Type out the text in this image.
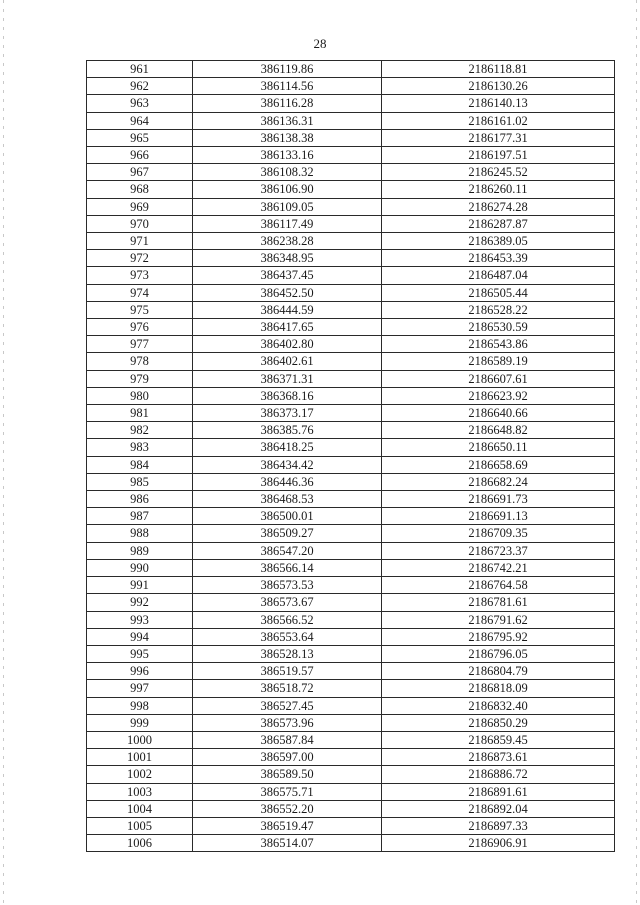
28
961	386119.86	2186118.81
962	386114.56	2186130.26
963	386116.28	2186140.13
964	386136.31	2186161.02
965	386138.38	2186177.31
966	386133.16	2186197.51
967	386108.32	2186245.52
968	386106.90	2186260.11
969	386109.05	2186274.28
970	386117.49	2186287.87
971	386238.28	2186389.05
972	386348.95	2186453.39
973	386437.45	2186487.04
974	386452.50	2186505.44
975	386444.59	2186528.22
976	386417.65	2186530.59
977	386402.80	2186543.86
978	386402.61	2186589.19
979	386371.31	2186607.61
980	386368.16	2186623.92
981	386373.17	2186640.66
982	386385.76	2186648.82
983	386418.25	2186650.11
984	386434.42	2186658.69
985	386446.36	2186682.24
986	386468.53	2186691.73
987	386500.01	2186691.13
988	386509.27	2186709.35
989	386547.20	2186723.37
990	386566.14	2186742.21
991	386573.53	2186764.58
992	386573.67	2186781.61
993	386566.52	2186791.62
994	386553.64	2186795.92
995	386528.13	2186796.05
996	386519.57	2186804.79
997	386518.72	2186818.09
998	386527.45	2186832.40
999	386573.96	2186850.29
1000	386587.84	2186859.45
1001	386597.00	2186873.61
1002	386589.50	2186886.72
1003	386575.71	2186891.61
1004	386552.20	2186892.04
1005	386519.47	2186897.33
1006	386514.07	2186906.91
